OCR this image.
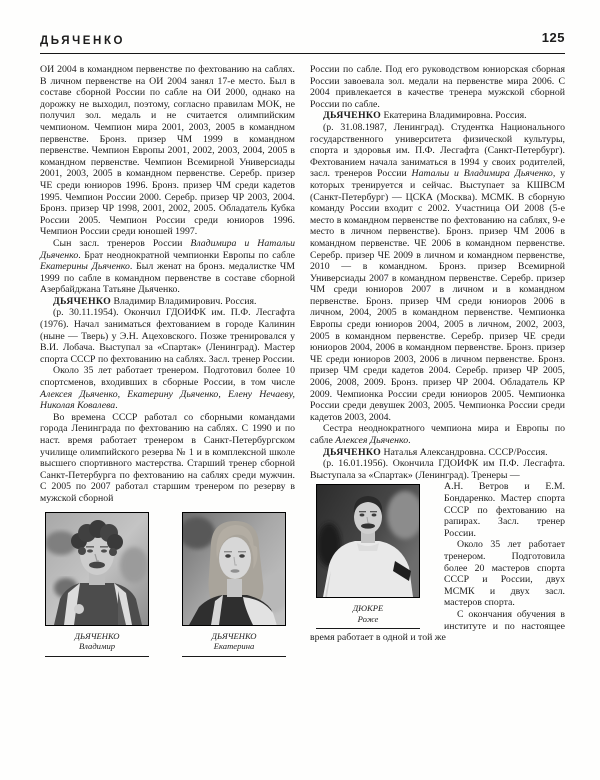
ДЬЯЧЕНКО	125

ОИ 2004 в командном первенстве по фехтованию на саблях. В личном первенстве на ОИ 2004 занял 17-е место. Был в составе сборной России по сабле на ОИ 2000, однако на дорожку не выходил, поэтому, согласно правилам МОК, не получил зол. медаль и не считается олимпийским чемпионом. Чемпион мира 2001, 2003, 2005 в командном первенстве. Бронз. призер ЧМ 1999 в командном первенстве. Чемпион Европы 2001, 2002, 2003, 2004, 2005 в командном первенстве. Чемпион Всемирной Универсиады 2001, 2003, 2005 в командном первенстве. Серебр. призер ЧЕ среди юниоров 1996. Бронз. призер ЧМ среди кадетов 1995. Чемпион России 2000. Серебр. призер ЧР 2003, 2004. Бронз. призер ЧР 1998, 2001, 2002, 2005. Обладатель Кубка России 2005. Чемпион России среди юниоров 1996. Чемпион России среди юношей 1997.

Сын засл. тренеров России Владимира и Натальи Дьяченко. Брат неоднократной чемпионки Европы по сабле Екатерины Дьяченко. Был женат на бронз. медалистке ЧМ 1999 по сабле в командном первенстве в составе сборной Азербайджана Татьяне Дьяченко.

ДЬЯЧЕНКО Владимир Владимирович. Россия.

(р. 30.11.1954). Окончил ГДОИФК им. П.Ф. Лесгафта (1976). Начал заниматься фехтованием в городе Калинин (ныне — Тверь) у Э.Н. Ацеховского. Позже тренировался у В.И. Лобача. Выступал за «Спартак» (Ленинград). Мастер спорта СССР по фехтованию на саблях. Засл. тренер России.

Около 35 лет работает тренером. Подготовил более 10 спортсменов, входивших в сборные России, в том числе Алексея Дьяченко, Екатерину Дьяченко, Елену Нечаеву, Николая Ковалева.

Во времена СССР работал со сборными командами города Ленинграда по фехтованию на саблях. С 1990 и по наст. время работает тренером в Санкт-Петербургском училище олимпийского резерва № 1 и в комплексной школе высшего спортивного мастерства. Старший тренер сборной Санкт-Петербурга по фехтованию на саблях среди мужчин. С 2005 по 2007 работал старшим тренером по резерву в мужской сборной

ДЬЯЧЕНКО
Владимир
ДЬЯЧЕНКО
Екатерина

России по сабле. Под его руководством юниорская сборная России завоевала зол. медали на первенстве мира 2006. С 2004 привлекается в качестве тренера мужской сборной России по сабле.

ДЬЯЧЕНКО Екатерина Владимировна. Россия.

(р. 31.08.1987, Ленинград). Студентка Национального государственного университета физической культуры, спорта и здоровья им. П.Ф. Лесгафта (Санкт-Петербург). Фехтованием начала заниматься в 1994 у своих родителей, засл. тренеров России Натальи и Владимира Дьяченко, у которых тренируется и сейчас. Выступает за КШВСМ (Санкт-Петербург) — ЦСКА (Москва). МСМК. В сборную команду России входит с 2002. Участница ОИ 2008 (5-е место в командном первенстве по фехтованию на саблях, 9-е место в личном первенстве). Бронз. призер ЧМ 2006 в командном первенстве. ЧЕ 2006 в командном первенстве. Серебр. призер ЧЕ 2009 в личном и командном первенстве, 2010 — в командном. Бронз. призер Всемирной Универсиады 2007 в командном первенстве. Серебр. призер ЧМ среди юниоров 2007 в личном и в командном первенстве. Бронз. призер ЧМ среди юниоров 2006 в личном, 2004, 2005 в командном первенстве. Чемпионка Европы среди юниоров 2004, 2005 в личном, 2002, 2003, 2005 в командном первенстве. Серебр. призер ЧЕ среди юниоров 2004, 2006 в командном первенстве. Бронз. призер ЧЕ среди юниоров 2003, 2006 в личном первенстве. Бронз. призер ЧМ среди кадетов 2004. Серебр. призер ЧР 2005, 2006, 2008, 2009. Бронз. призер ЧР 2004. Обладатель КР 2009. Чемпионка России среди юниоров 2005. Чемпионка России среди девушек 2003, 2005. Чемпионка России среди кадетов 2003, 2004.

Сестра неоднократного чемпиона мира и Европы по сабле Алексея Дьяченко.

ДЬЯЧЕНКО Наталья Александровна. СССР/Россия.

(р. 16.01.1956). Окончила ГДОИФК им П.Ф. Лесгафта. Выступала за «Спартак» (Ленинград). Тренеры —

ДЮКРЕ
Роже

А.Н. Ветров и Е.М. Бондаренко. Мастер спорта СССР по фехтованию на рапирах. Засл. тренер России.

Около 35 лет работает тренером. Подготовила более 20 мастеров спорта СССР и России, двух МСМК и двух засл. мастеров спорта.

С окончания обучения в институте и по настоящее время работает в одной и той же
